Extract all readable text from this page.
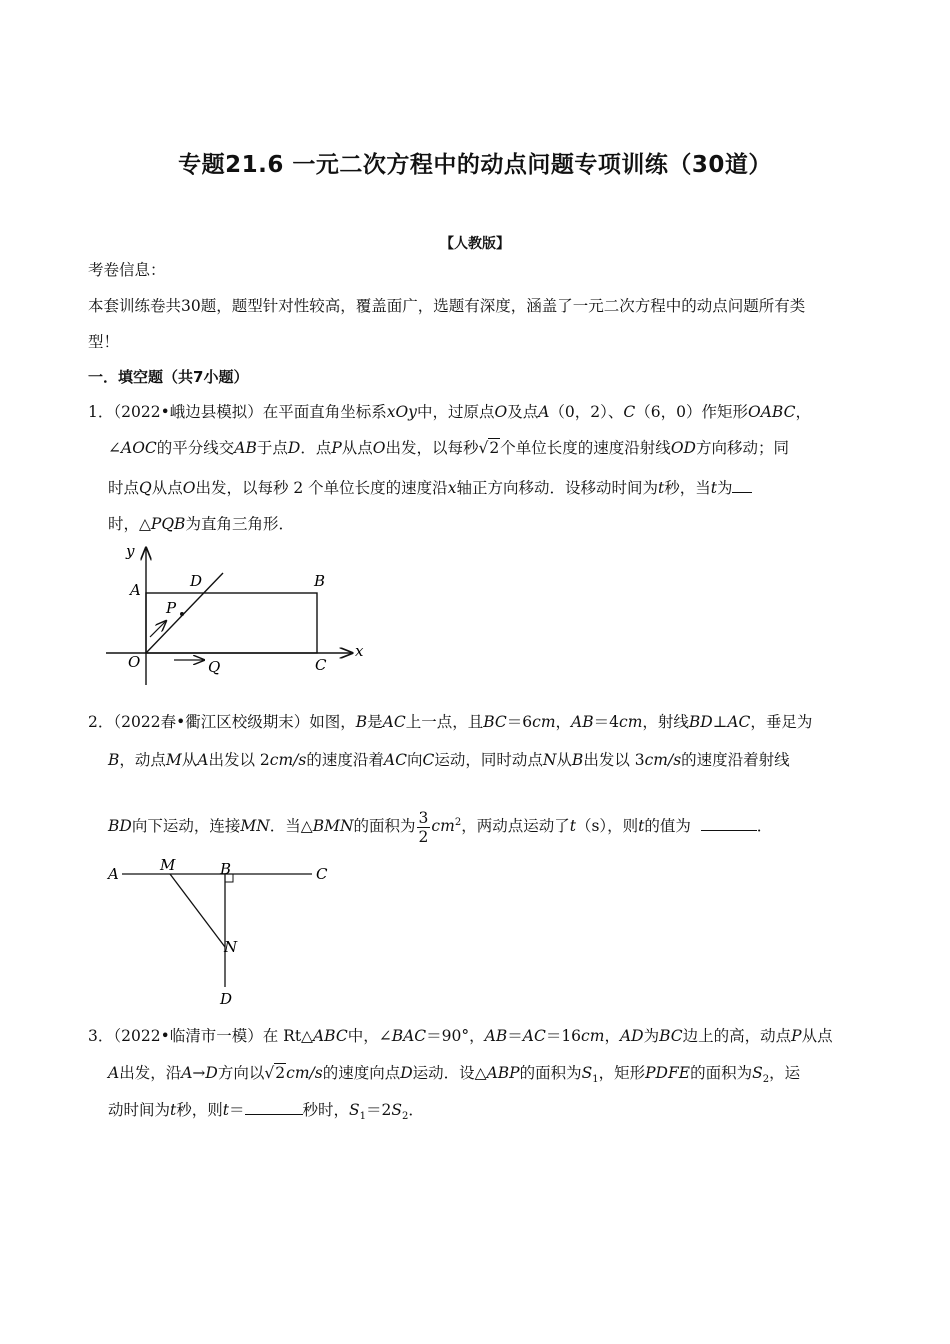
专题21.6 一元二次方程中的动点问题专项训练（30道）
【人教版】
考卷信息：
本套训练卷共30题，题型针对性较高，覆盖面广，选题有深度，涵盖了一元二次方程中的动点问题所有类
型！
一．填空题（共7小题）
1．（2022•峨边县模拟）在平面直角坐标系xOy中，过原点O及点A（0，2）、C（6，0）作矩形OABC，
∠AOC的平分线交AB于点D．点P从点O出发，以每秒√2个单位长度的速度沿射线OD方向移动；同
时点Q从点O出发，以每秒 2 个单位长度的速度沿x轴正方向移动．设移动时间为t秒，当t为
时，△PQB为直角三角形．
y
x
A	D	B
P
O	Q	C
2．（2022春•衢江区校级期末）如图，B是AC上一点，且BC＝6cm，AB＝4cm，射线BD⊥AC，垂足为
B，动点M从A出发以 2cm/s的速度沿着AC向C运动，同时动点N从B出发以 3cm/s的速度沿着射线
BD向下运动，连接MN．当△BMN的面积为 $\frac{3}{2} cm^2$，两动点运动了t（s），则t的值为	．
A	M	B	C
N
D
3．（2022•临清市一模）在 Rt△ABC中，∠BAC＝90°，AB＝AC＝16cm，AD为BC边上的高，动点P从点
A出发，沿A→D方向以√2cm/s的速度向点D运动．设△ABP的面积为$S_1$，矩形PDFE的面积为$S_2$，运
动时间为t秒，则t＝	秒时，$S_1=2S_2$．
